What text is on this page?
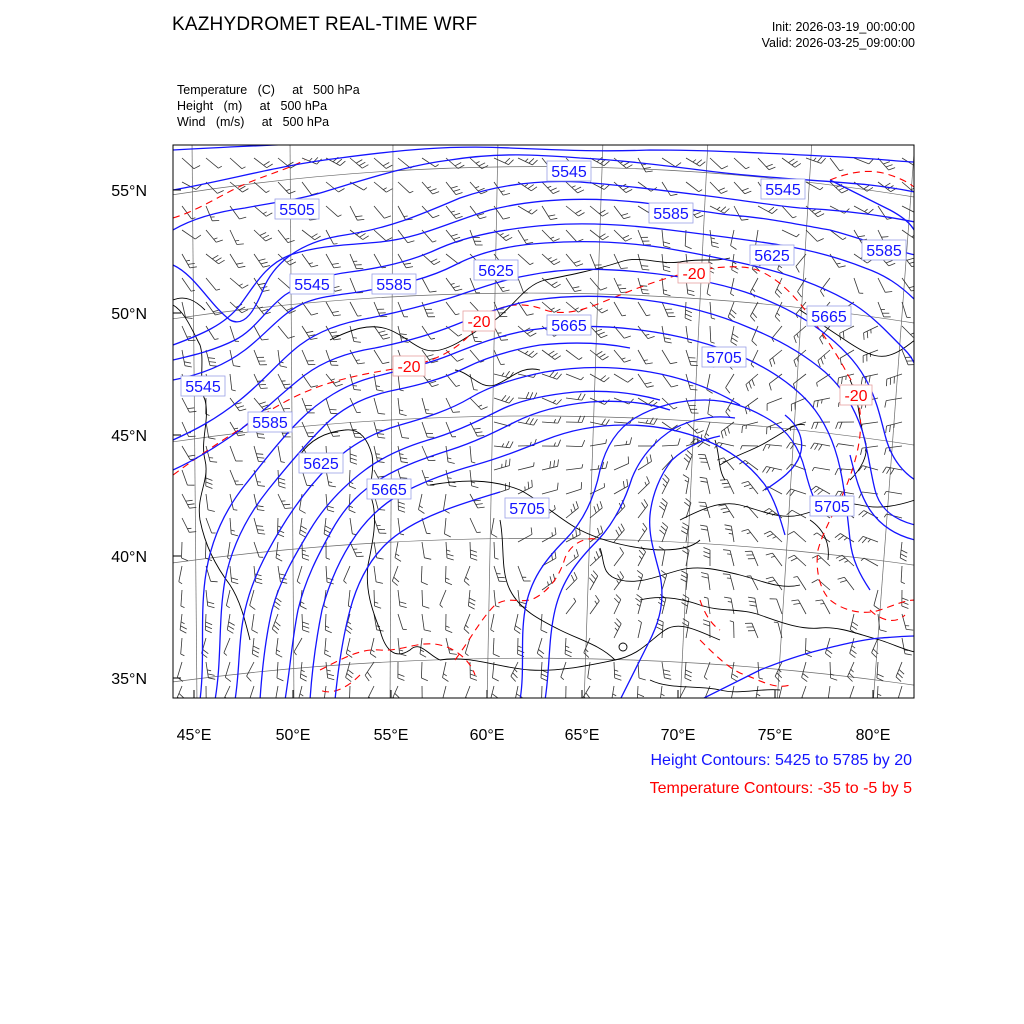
KAZHYDROMET REAL-TIME WRF	Init: 2026-03-19_00:00:00
Valid: 2026-03-25_09:00:00
Temperature   (C)     at   500 hPa
Height   (m)     at   500 hPa
Wind   (m/s)     at   500 hPa
5545
5545
5505	5585
5625
5545	5585
5625	5585
5665
5665
5545
5705
5585
5625
5665
5705	5705
-20
-20
-20
-20
55°N
50°N
45°N
40°N
35°N
45°E	50°E	55°E	60°E	65°E	70°E	75°E	80°E
Height Contours: 5425 to 5785 by 20
Temperature Contours: -35 to -5 by 5
